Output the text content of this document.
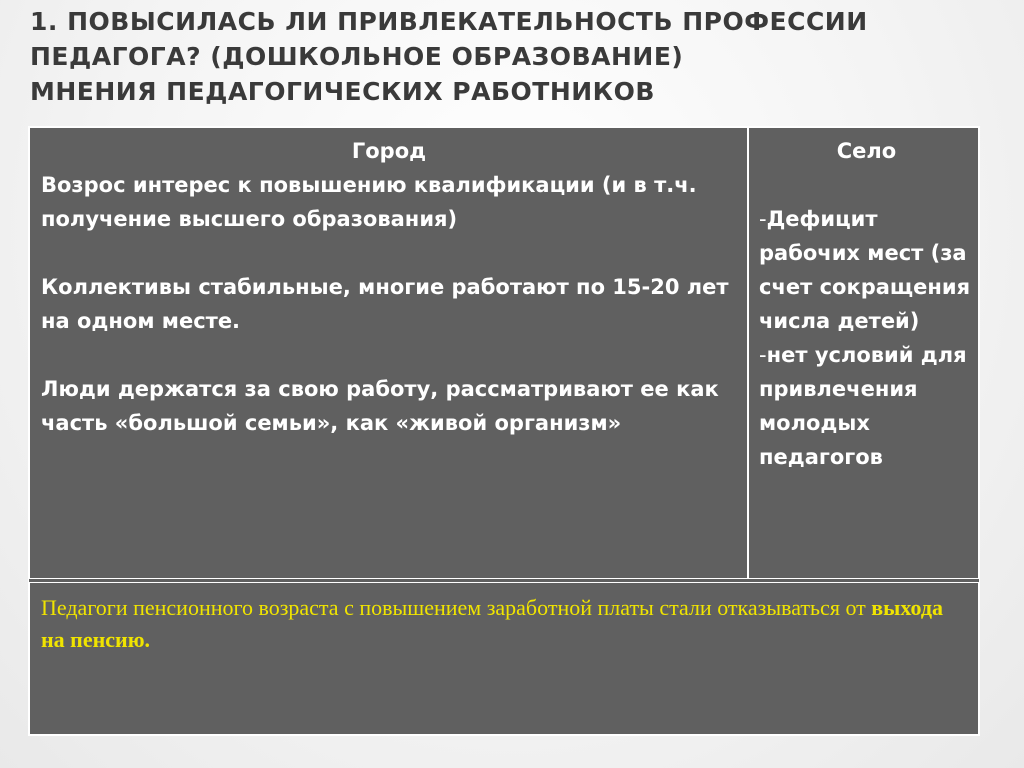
1. ПОВЫСИЛАСЬ ЛИ ПРИВЛЕКАТЕЛЬНОСТЬ ПРОФЕССИИ
ПЕДАГОГА? (ДОШКОЛЬНОЕ ОБРАЗОВАНИЕ)
МНЕНИЯ ПЕДАГОГИЧЕСКИХ РАБОТНИКОВ
Город
Возрос интерес к повышению квалификации (и в т.ч. получение высшего образования)
Коллективы стабильные, многие работают по 15-20 лет на одном месте.
Люди держатся за свою работу, рассматривают ее как часть «большой семьи», как «живой организм»
Село
-Дефицит рабочих мест (за счет сокращения числа детей)
-нет условий для привлечения молодых педагогов
Педагоги пенсионного возраста с повышением заработной платы стали отказываться от выхода на пенсию.
